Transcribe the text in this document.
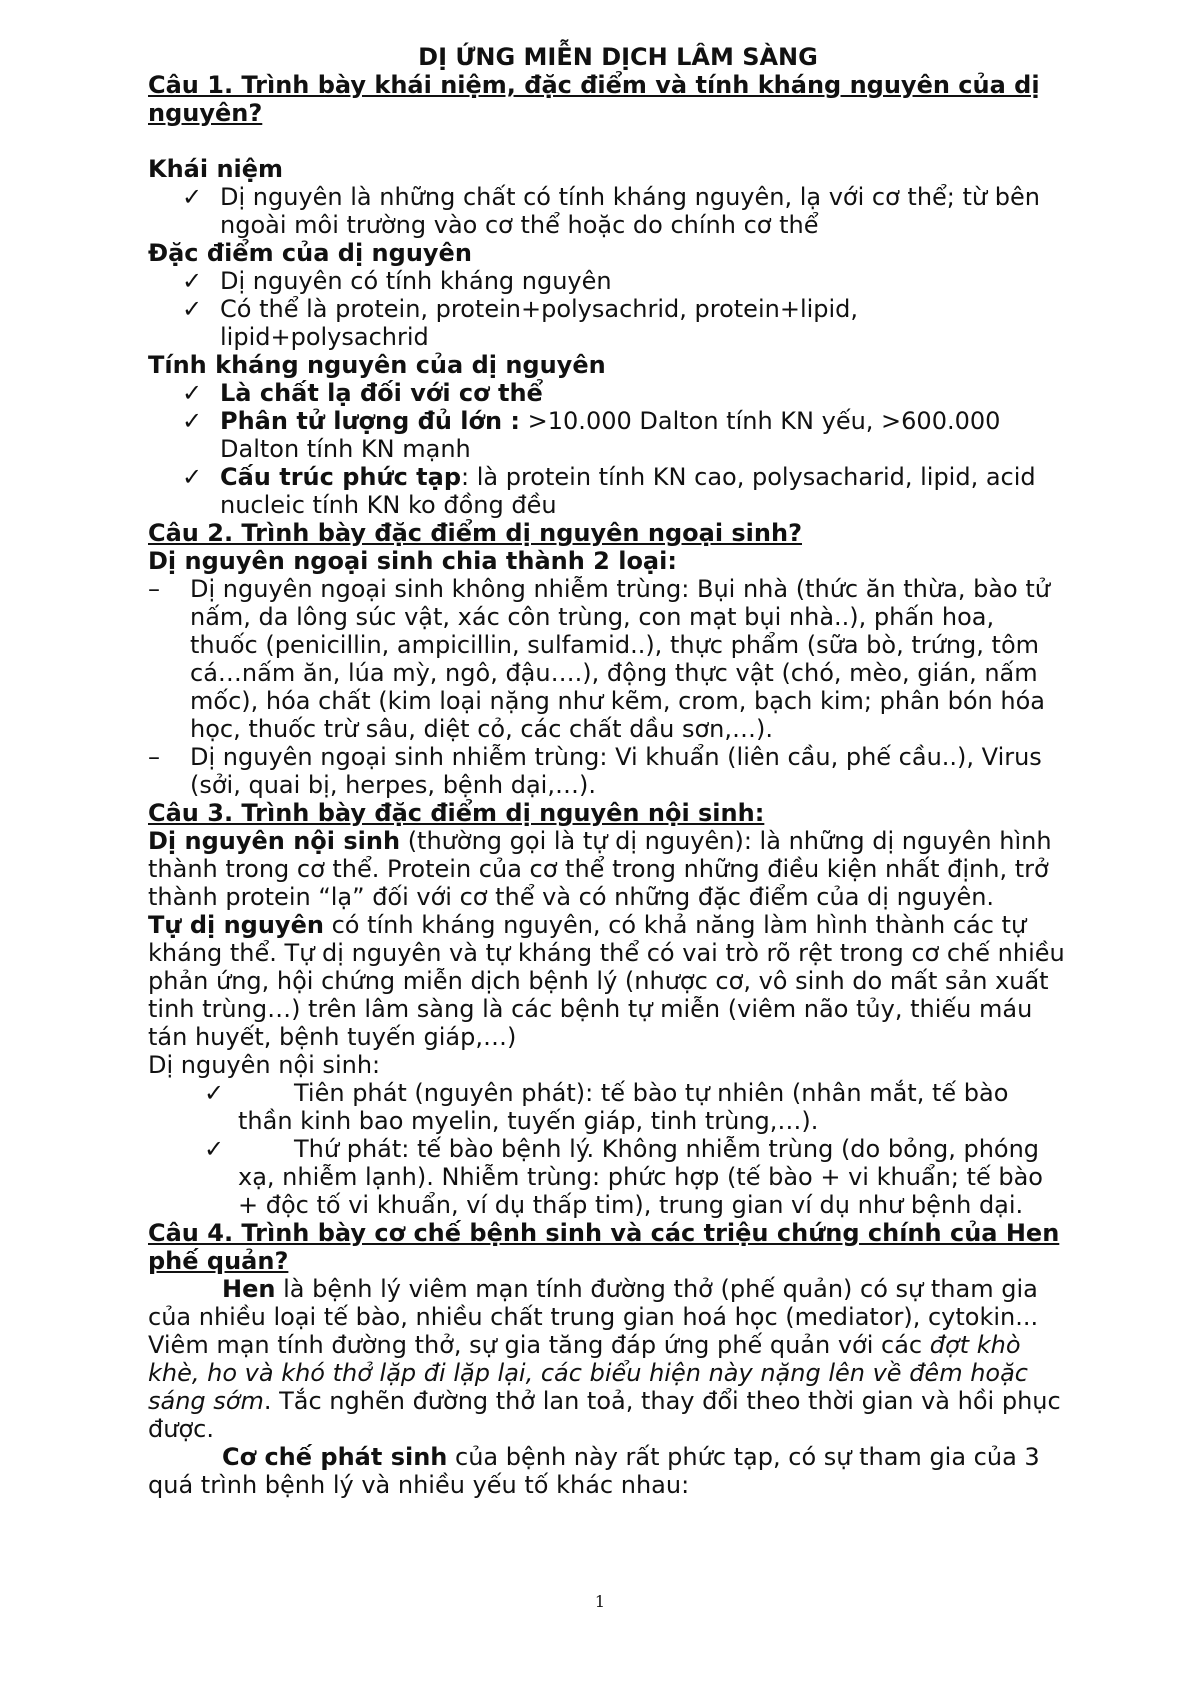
DỊ ỨNG MIỄN DỊCH LÂM SÀNG

Câu 1. Trình bày khái niệm, đặc điểm và tính kháng nguyên của dị nguyên?

Khái niệm

✓ Dị nguyên là những chất có tính kháng nguyên, lạ với cơ thể; từ bên ngoài môi trường vào cơ thể hoặc do chính cơ thể

Đặc điểm của dị nguyên

✓ Dị nguyên có tính kháng nguyên
✓ Có thể là protein, protein+polysachrid, protein+lipid, lipid+polysachrid

Tính kháng nguyên của dị nguyên

✓ Là chất lạ đối với cơ thể
✓ Phân tử lượng đủ lớn : >10.000 Dalton tính KN yếu, >600.000 Dalton tính KN mạnh
✓ Cấu trúc phức tạp: là protein tính KN cao, polysacharid, lipid, acid nucleic tính KN ko đồng đều

Câu 2. Trình bày đặc điểm dị nguyên ngoại sinh?

Dị nguyên ngoại sinh chia thành 2 loại:

– Dị nguyên ngoại sinh không nhiễm trùng: Bụi nhà (thức ăn thừa, bào tử nấm, da lông súc vật, xác côn trùng, con mạt bụi nhà..), phấn hoa, thuốc (penicillin, ampicillin, sulfamid..), thực phẩm (sữa bò, trứng, tôm cá…nấm ăn, lúa mỳ, ngô, đậu….), động thực vật (chó, mèo, gián, nấm mốc), hóa chất (kim loại nặng như kẽm, crom, bạch kim; phân bón hóa học, thuốc trừ sâu, diệt cỏ, các chất dầu sơn,…).
– Dị nguyên ngoại sinh nhiễm trùng: Vi khuẩn (liên cầu, phế cầu..), Virus (sởi, quai bị, herpes, bệnh dại,…).

Câu 3. Trình bày đặc điểm dị nguyên nội sinh:

Dị nguyên nội sinh (thường gọi là tự dị nguyên): là những dị nguyên hình thành trong cơ thể. Protein của cơ thể trong những điều kiện nhất định, trở thành protein “lạ” đối với cơ thể và có những đặc điểm của dị nguyên.

Tự dị nguyên có tính kháng nguyên, có khả năng làm hình thành các tự kháng thể. Tự dị nguyên và tự kháng thể có vai trò rõ rệt trong cơ chế nhiều phản ứng, hội chứng miễn dịch bệnh lý (nhược cơ, vô sinh do mất sản xuất tinh trùng…) trên lâm sàng là các bệnh tự miễn (viêm não tủy, thiếu máu tán huyết, bệnh tuyến giáp,…)

Dị nguyên nội sinh:

✓	Tiên phát (nguyên phát): tế bào tự nhiên (nhân mắt, tế bào thần kinh bao myelin, tuyến giáp, tinh trùng,…).
✓	Thứ phát: tế bào bệnh lý. Không nhiễm trùng (do bỏng, phóng xạ, nhiễm lạnh). Nhiễm trùng: phức hợp (tế bào + vi khuẩn; tế bào + độc tố vi khuẩn, ví dụ thấp tim), trung gian ví dụ như bệnh dại.

Câu 4. Trình bày cơ chế bệnh sinh và các triệu chứng chính của Hen phế quản?

Hen là bệnh lý viêm mạn tính đường thở (phế quản) có sự tham gia của nhiều loại tế bào, nhiều chất trung gian hoá học (mediator), cytokin... Viêm mạn tính đường thở, sự gia tăng đáp ứng phế quản với các đợt khò khè, ho và khó thở lặp đi lặp lại, các biểu hiện này nặng lên về đêm hoặc sáng sớm. Tắc nghẽn đường thở lan toả, thay đổi theo thời gian và hồi phục được.

Cơ chế phát sinh của bệnh này rất phức tạp, có sự tham gia của 3 quá trình bệnh lý và nhiều yếu tố khác nhau:

1
